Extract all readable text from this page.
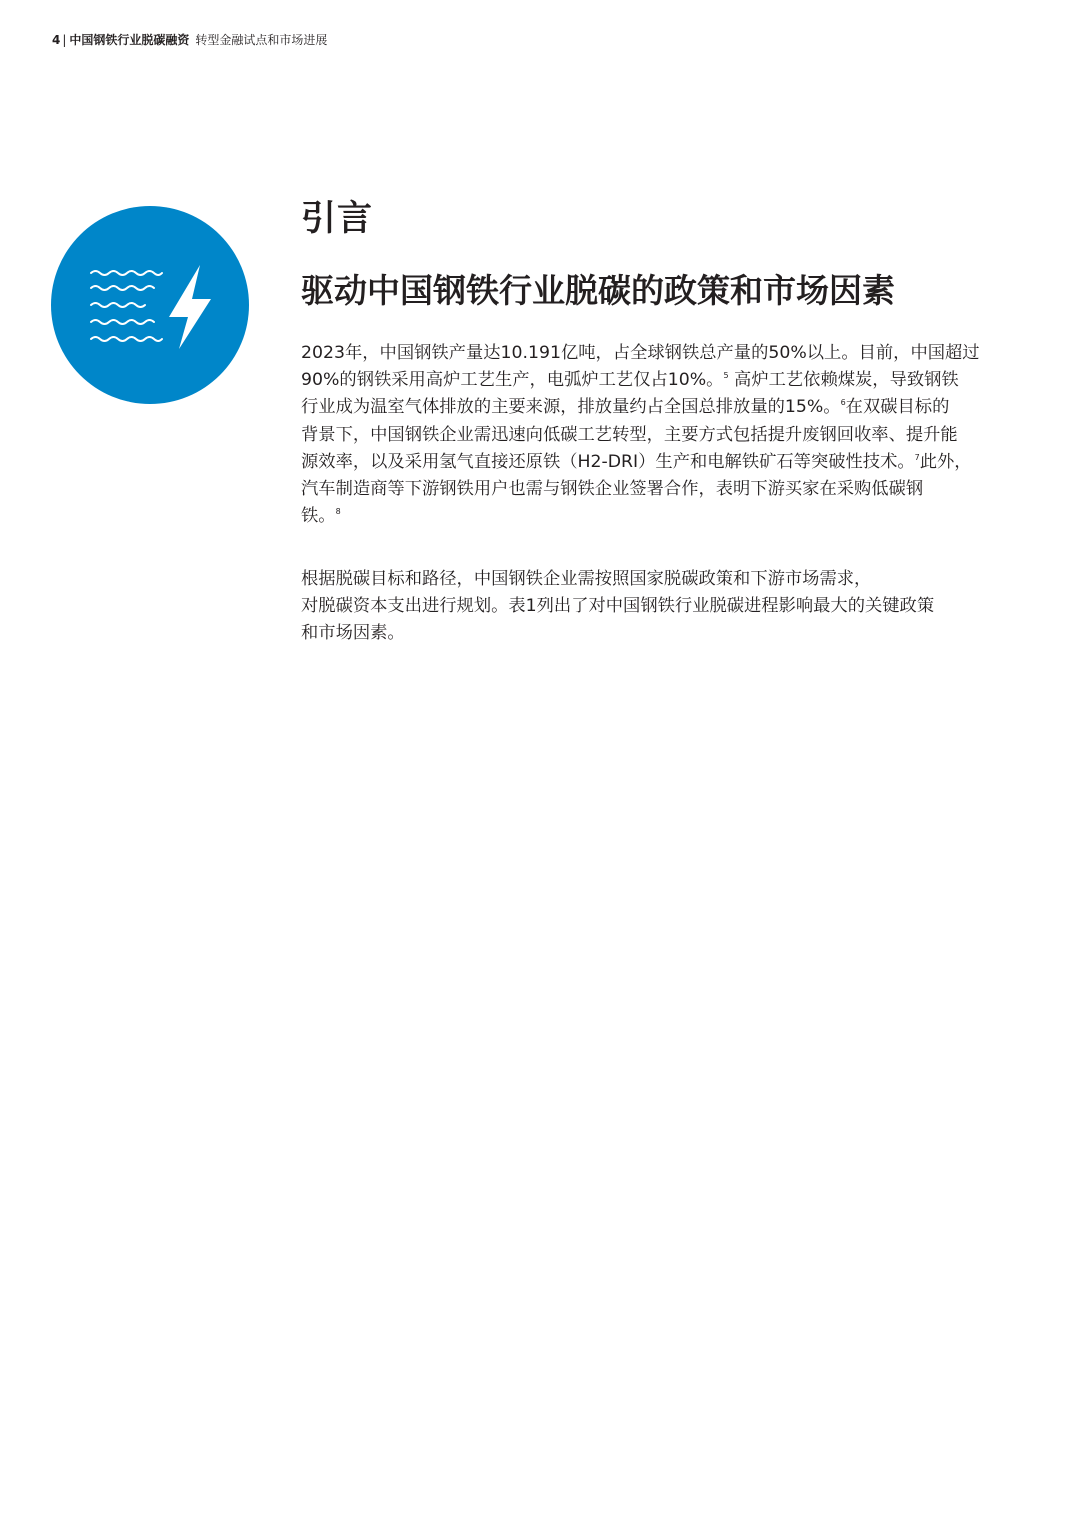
4 | 中国钢铁行业脱碳融资 转型金融试点和市场进展
引言
驱动中国钢铁行业脱碳的政策和市场因素
2023年，中国钢铁产量达10.191亿吨，占全球钢铁总产量的50%以上。目前，中国超过
90%的钢铁采用高炉工艺生产，电弧炉工艺仅占10%。$^5$ 高炉工艺依赖煤炭，导致钢铁
行业成为温室气体排放的主要来源，排放量约占全国总排放量的15%。$^6$在双碳目标的
背景下，中国钢铁企业需迅速向低碳工艺转型，主要方式包括提升废钢回收率、提升能
源效率，以及采用氢气直接还原铁（H2-DRI）生产和电解铁矿石等突破性技术。$^7$此外，
汽车制造商等下游钢铁用户也需与钢铁企业签署合作，表明下游买家在采购低碳钢
铁。$^8$
根据脱碳目标和路径，中国钢铁企业需按照国家脱碳政策和下游市场需求，
对脱碳资本支出进行规划。表1列出了对中国钢铁行业脱碳进程影响最大的关键政策
和市场因素。
